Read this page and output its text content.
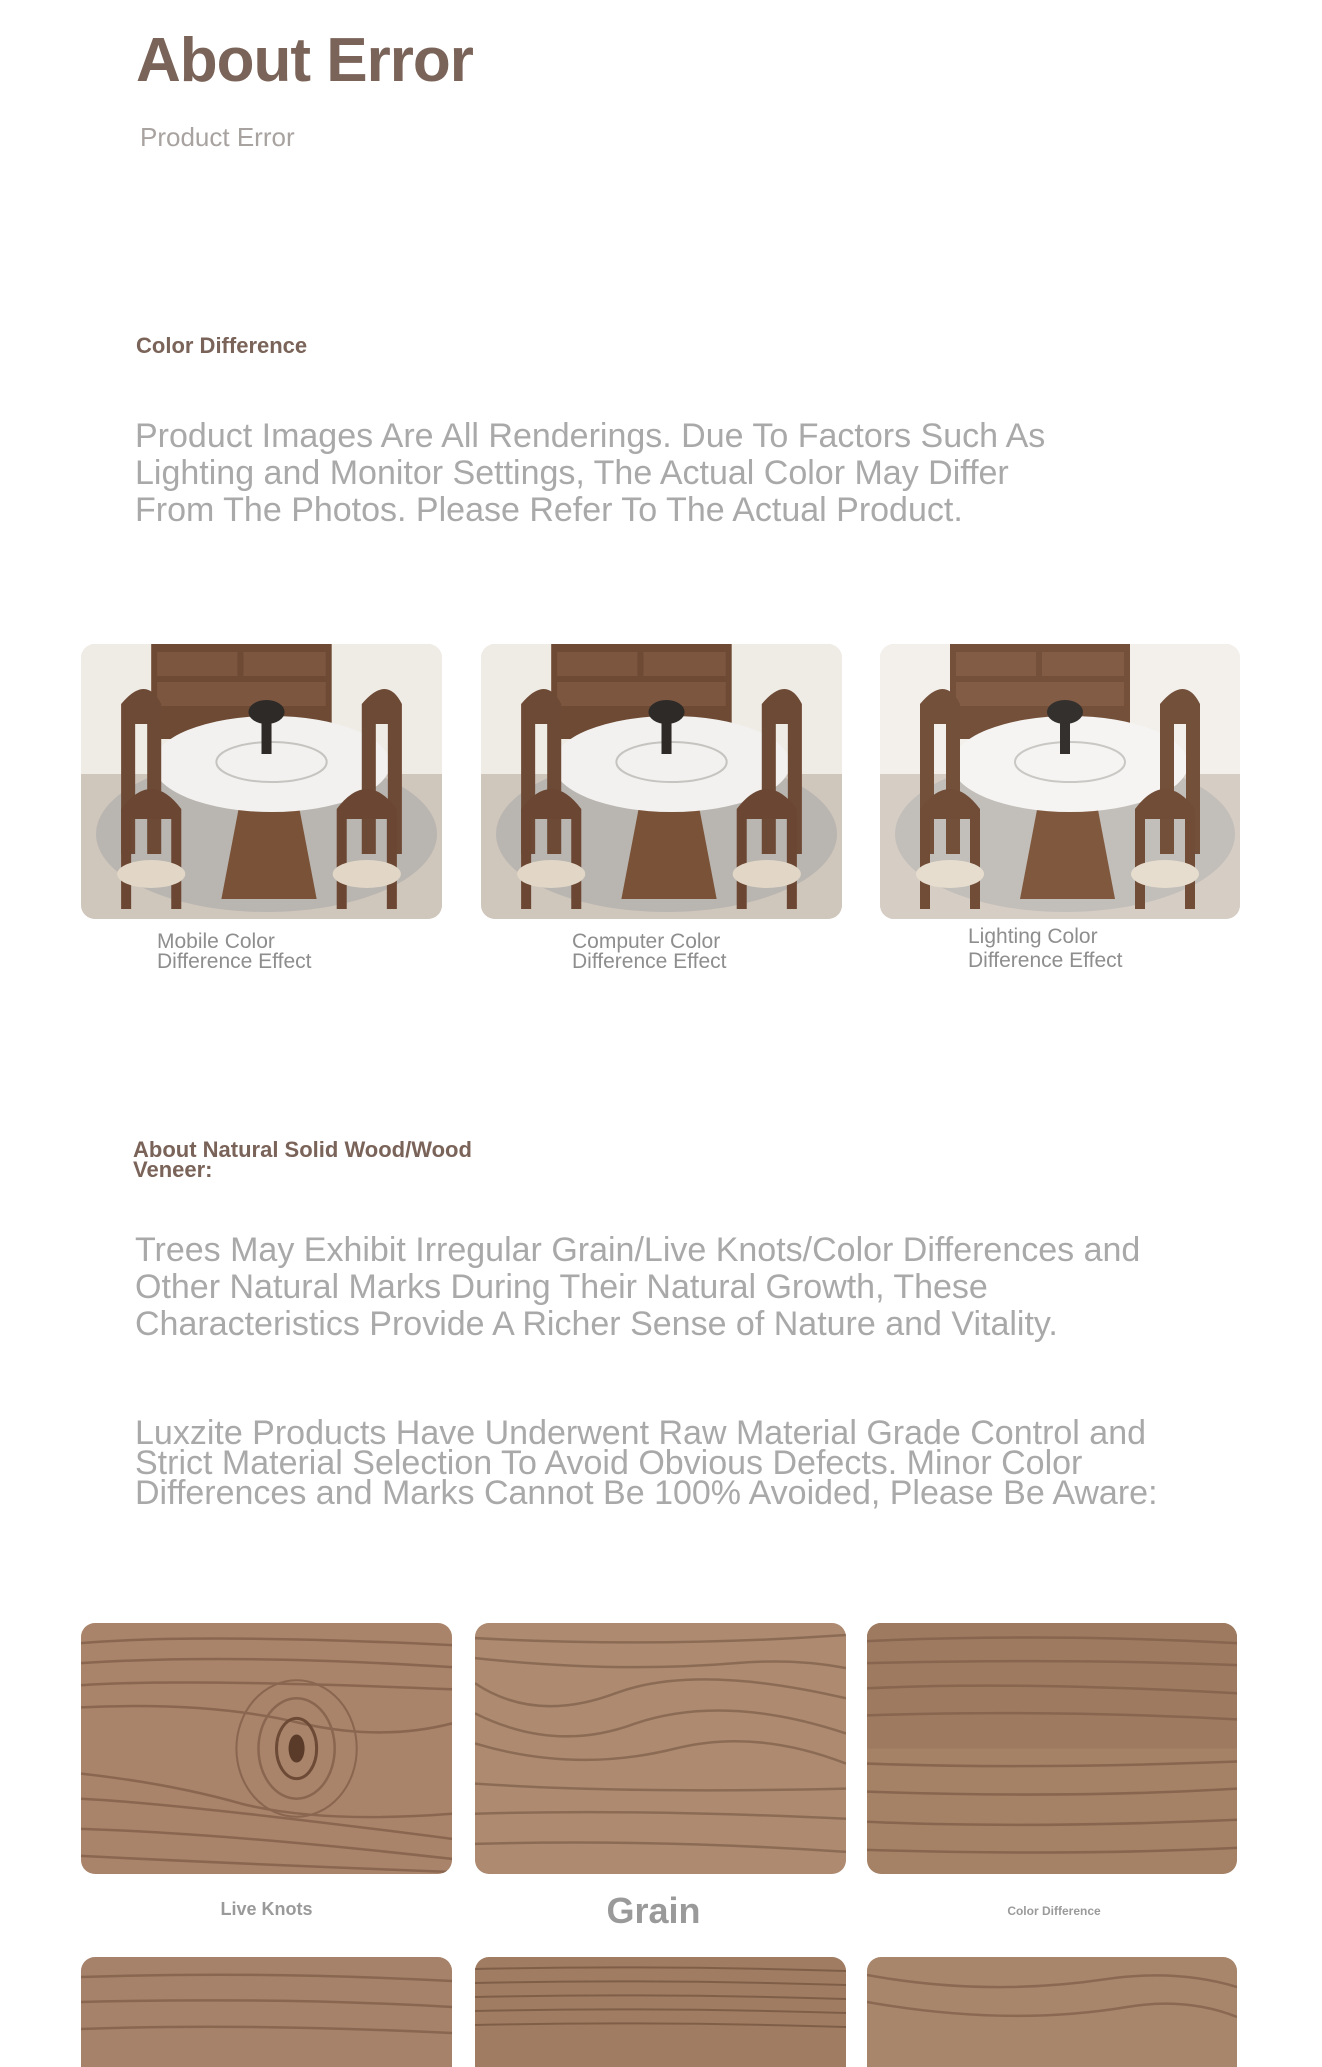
About Error
Product Error
Color Difference
Product Images Are All Renderings. Due To Factors Such As
Lighting and Monitor Settings, The Actual Color May Differ
From The Photos. Please Refer To The Actual Product.
Mobile Color
Difference Effect
Computer Color
Difference Effect
Lighting Color
Difference Effect
About Natural Solid Wood/Wood
Veneer:
Trees May Exhibit Irregular Grain/Live Knots/Color Differences and
Other Natural Marks During Their Natural Growth, These
Characteristics Provide A Richer Sense of Nature and Vitality.
Luxzite Products Have Underwent Raw Material Grade Control and
Strict Material Selection To Avoid Obvious Defects. Minor Color
Differences and Marks Cannot Be 100% Avoided, Please Be Aware:
Live Knots	Grain	Color Difference
